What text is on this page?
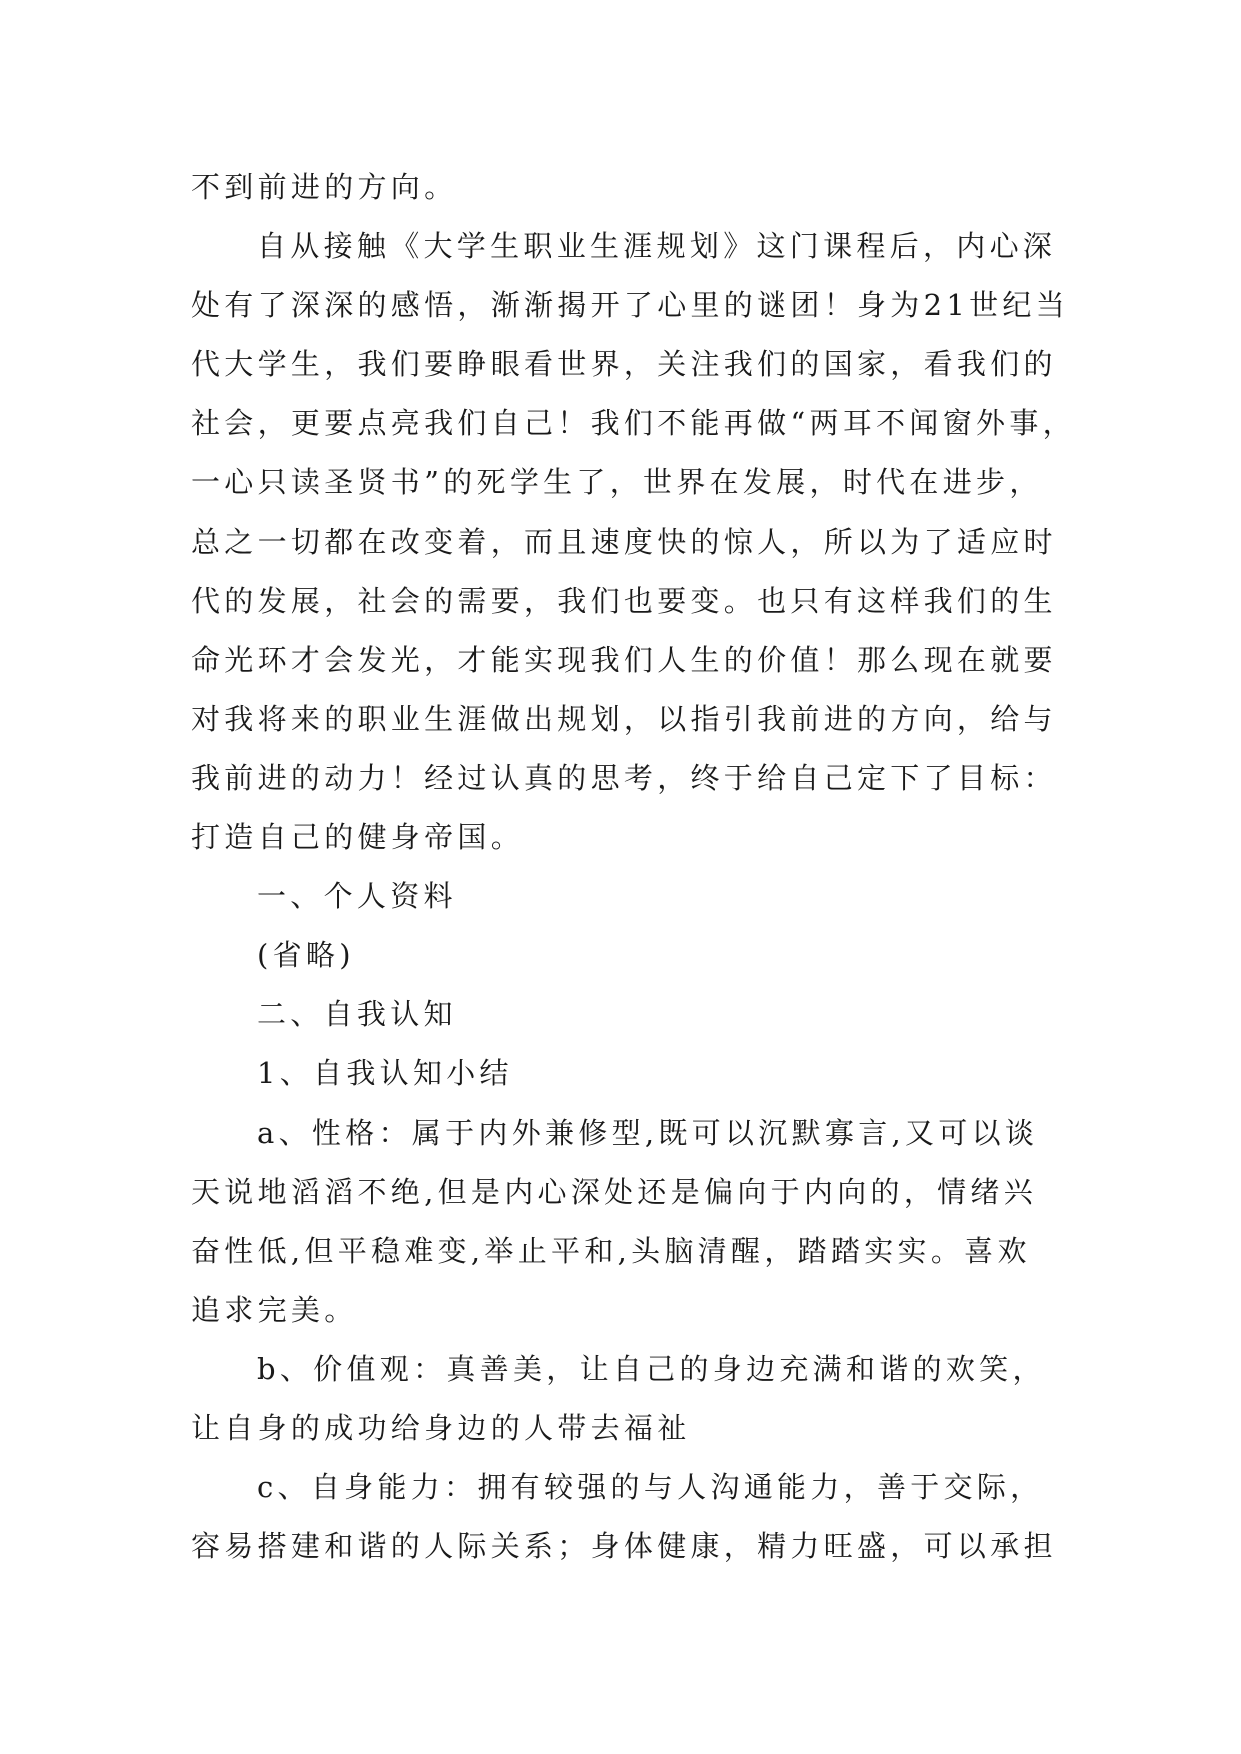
不到前进的方向。
自从接触《大学生职业生涯规划》这门课程后，内心深
处有了深深的感悟，渐渐揭开了心里的谜团！身为21世纪当
代大学生，我们要睁眼看世界，关注我们的国家，看我们的
社会，更要点亮我们自己！我们不能再做“两耳不闻窗外事，
一心只读圣贤书”的死学生了，世界在发展，时代在进步，
总之一切都在改变着，而且速度快的惊人，所以为了适应时
代的发展，社会的需要，我们也要变。也只有这样我们的生
命光环才会发光，才能实现我们人生的价值！那么现在就要
对我将来的职业生涯做出规划，以指引我前进的方向，给与
我前进的动力！经过认真的思考，终于给自己定下了目标：
打造自己的健身帝国。
一、个人资料
(省略)
二、自我认知
1、自我认知小结
a、性格：属于内外兼修型,既可以沉默寡言,又可以谈
天说地滔滔不绝,但是内心深处还是偏向于内向的，情绪兴
奋性低,但平稳难变,举止平和,头脑清醒，踏踏实实。喜欢
追求完美。
b、价值观：真善美，让自己的身边充满和谐的欢笑，
让自身的成功给身边的人带去福祉
c、自身能力：拥有较强的与人沟通能力，善于交际，
容易搭建和谐的人际关系；身体健康，精力旺盛，可以承担
